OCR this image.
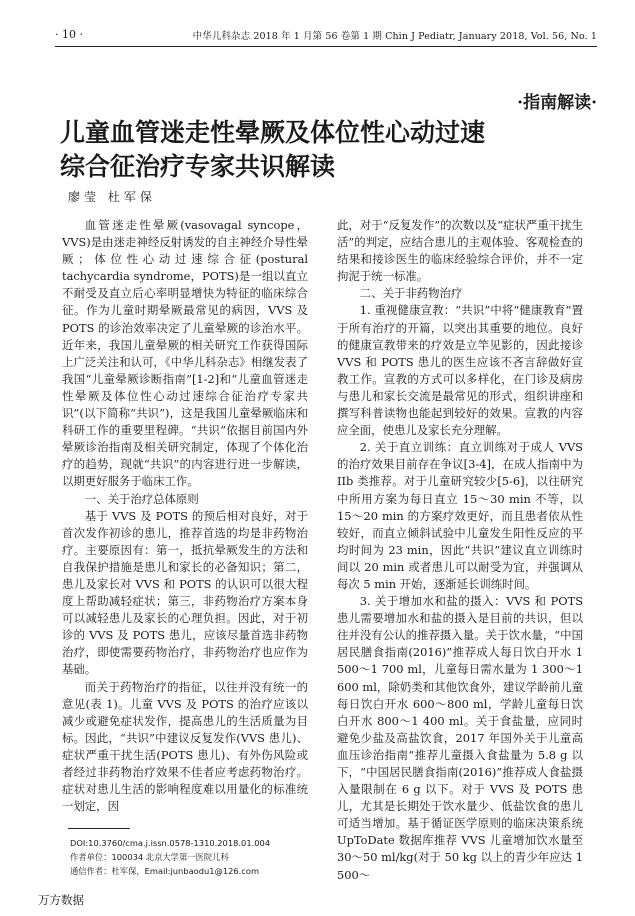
· 10 ·	中华儿科杂志 2018 年 1 月第 56 卷第 1 期 Chin J Pediatr, January 2018, Vol. 56, No. 1
·指南解读·
儿童血管迷走性晕厥及体位性心动过速
综合征治疗专家共识解读
廖莹 杜军保

血管迷走性晕厥(vasovagal syncope，VVS)是由迷走神经反射诱发的自主神经介导性晕厥；体位性心动过速综合征(postural tachycardia syndrome，POTS)是一组以直立不耐受及直立后心率明显增快为特征的临床综合征。作为儿童时期晕厥最常见的病因，VVS 及 POTS 的诊治效率决定了儿童晕厥的诊治水平。近年来，我国儿童晕厥的相关研究工作获得国际上广泛关注和认可，《中华儿科杂志》相继发表了我国“儿童晕厥诊断指南”[1-2]和“儿童血管迷走性晕厥及体位性心动过速综合征治疗专家共识”(以下简称“共识”)，这是我国儿童晕厥临床和科研工作的重要里程碑。“共识”依据目前国内外晕厥诊治指南及相关研究制定，体现了个体化治疗的趋势，现就“共识”的内容进行进一步解读，以期更好服务于临床工作。

一、关于治疗总体原则

基于 VVS 及 POTS 的预后相对良好，对于首次发作初诊的患儿，推荐首选的均是非药物治疗。主要原因有：第一，抵抗晕厥发生的方法和自我保护措施是患儿和家长的必备知识；第二，患儿及家长对 VVS 和 POTS 的认识可以很大程度上帮助减轻症状；第三，非药物治疗方案本身可以减轻患儿及家长的心理负担。因此，对于初诊的 VVS 及 POTS 患儿，应该尽量首选非药物治疗，即使需要药物治疗，非药物治疗也应作为基础。

而关于药物治疗的指征，以往并没有统一的意见(表 1)。儿童 VVS 及 POTS 的治疗应该以减少或避免症状发作，提高患儿的生活质量为目标。因此，“共识”中建议反复发作(VVS 患儿)、症状严重干扰生活(POTS 患儿)、有外伤风险或者经过非药物治疗效果不佳者应考虑药物治疗。症状对患儿生活的影响程度难以用量化的标准统一划定，因

此，对于“反复发作”的次数以及“症状严重干扰生活”的判定，应结合患儿的主观体验、客观检查的结果和接诊医生的临床经验综合评价，并不一定拘泥于统一标准。

二、关于非药物治疗

1. 重视健康宣教：“共识”中将“健康教育”置于所有治疗的开篇，以突出其重要的地位。良好的健康宣教带来的疗效是立竿见影的，因此接诊 VVS 和 POTS 患儿的医生应该不吝言辞做好宣教工作。宣教的方式可以多样化，在门诊及病房与患儿和家长交流是最常见的形式，组织讲座和撰写科普读物也能起到较好的效果。宣教的内容应全面，使患儿及家长充分理解。

2. 关于直立训练：直立训练对于成人 VVS 的治疗效果目前存在争议[3-4]，在成人指南中为 IIb 类推荐。对于儿童研究较少[5-6]，以往研究中所用方案为每日直立 15～30 min 不等，以 15～20 min 的方案疗效更好，而且患者依从性较好，而直立倾斜试验中儿童发生阳性反应的平均时间为 23 min，因此“共识”建议直立训练时间以 20 min 或者患儿可以耐受为宜，并强调从每次 5 min 开始，逐渐延长训练时间。

3. 关于增加水和盐的摄入：VVS 和 POTS 患儿需要增加水和盐的摄入是目前的共识，但以往并没有公认的推荐摄入量。关于饮水量，“中国居民膳食指南(2016)”推荐成人每日饮白开水 1 500～1 700 ml，儿童每日需水量为 1 300～1 600 ml，除奶类和其他饮食外，建议学龄前儿童每日饮白开水 600～800 ml，学龄儿童每日饮白开水 800～1 400 ml。关于食盐量，应同时避免少盐及高盐饮食，2017 年国外关于儿童高血压诊治指南“推荐儿童摄入食盐量为 5.8 g 以下，“中国居民膳食指南(2016)”推荐成人食盐摄入量限制在 6 g 以下。对于 VVS 及 POTS 患儿，尤其是长期处于饮水量少、低盐饮食的患儿可适当增加。基于循证医学原则的临床决策系统 UpToDate 数据库推荐 VVS 儿童增加饮水量至 30～50 ml/kg(对于 50 kg 以上的青少年应达 1 500～

DOI:10.3760/cma.j.issn.0578-1310.2018.01.004
作者单位：100034 北京大学第一医院儿科
通信作者：杜军保，Email:junbaodu1@126.com
万方数据
